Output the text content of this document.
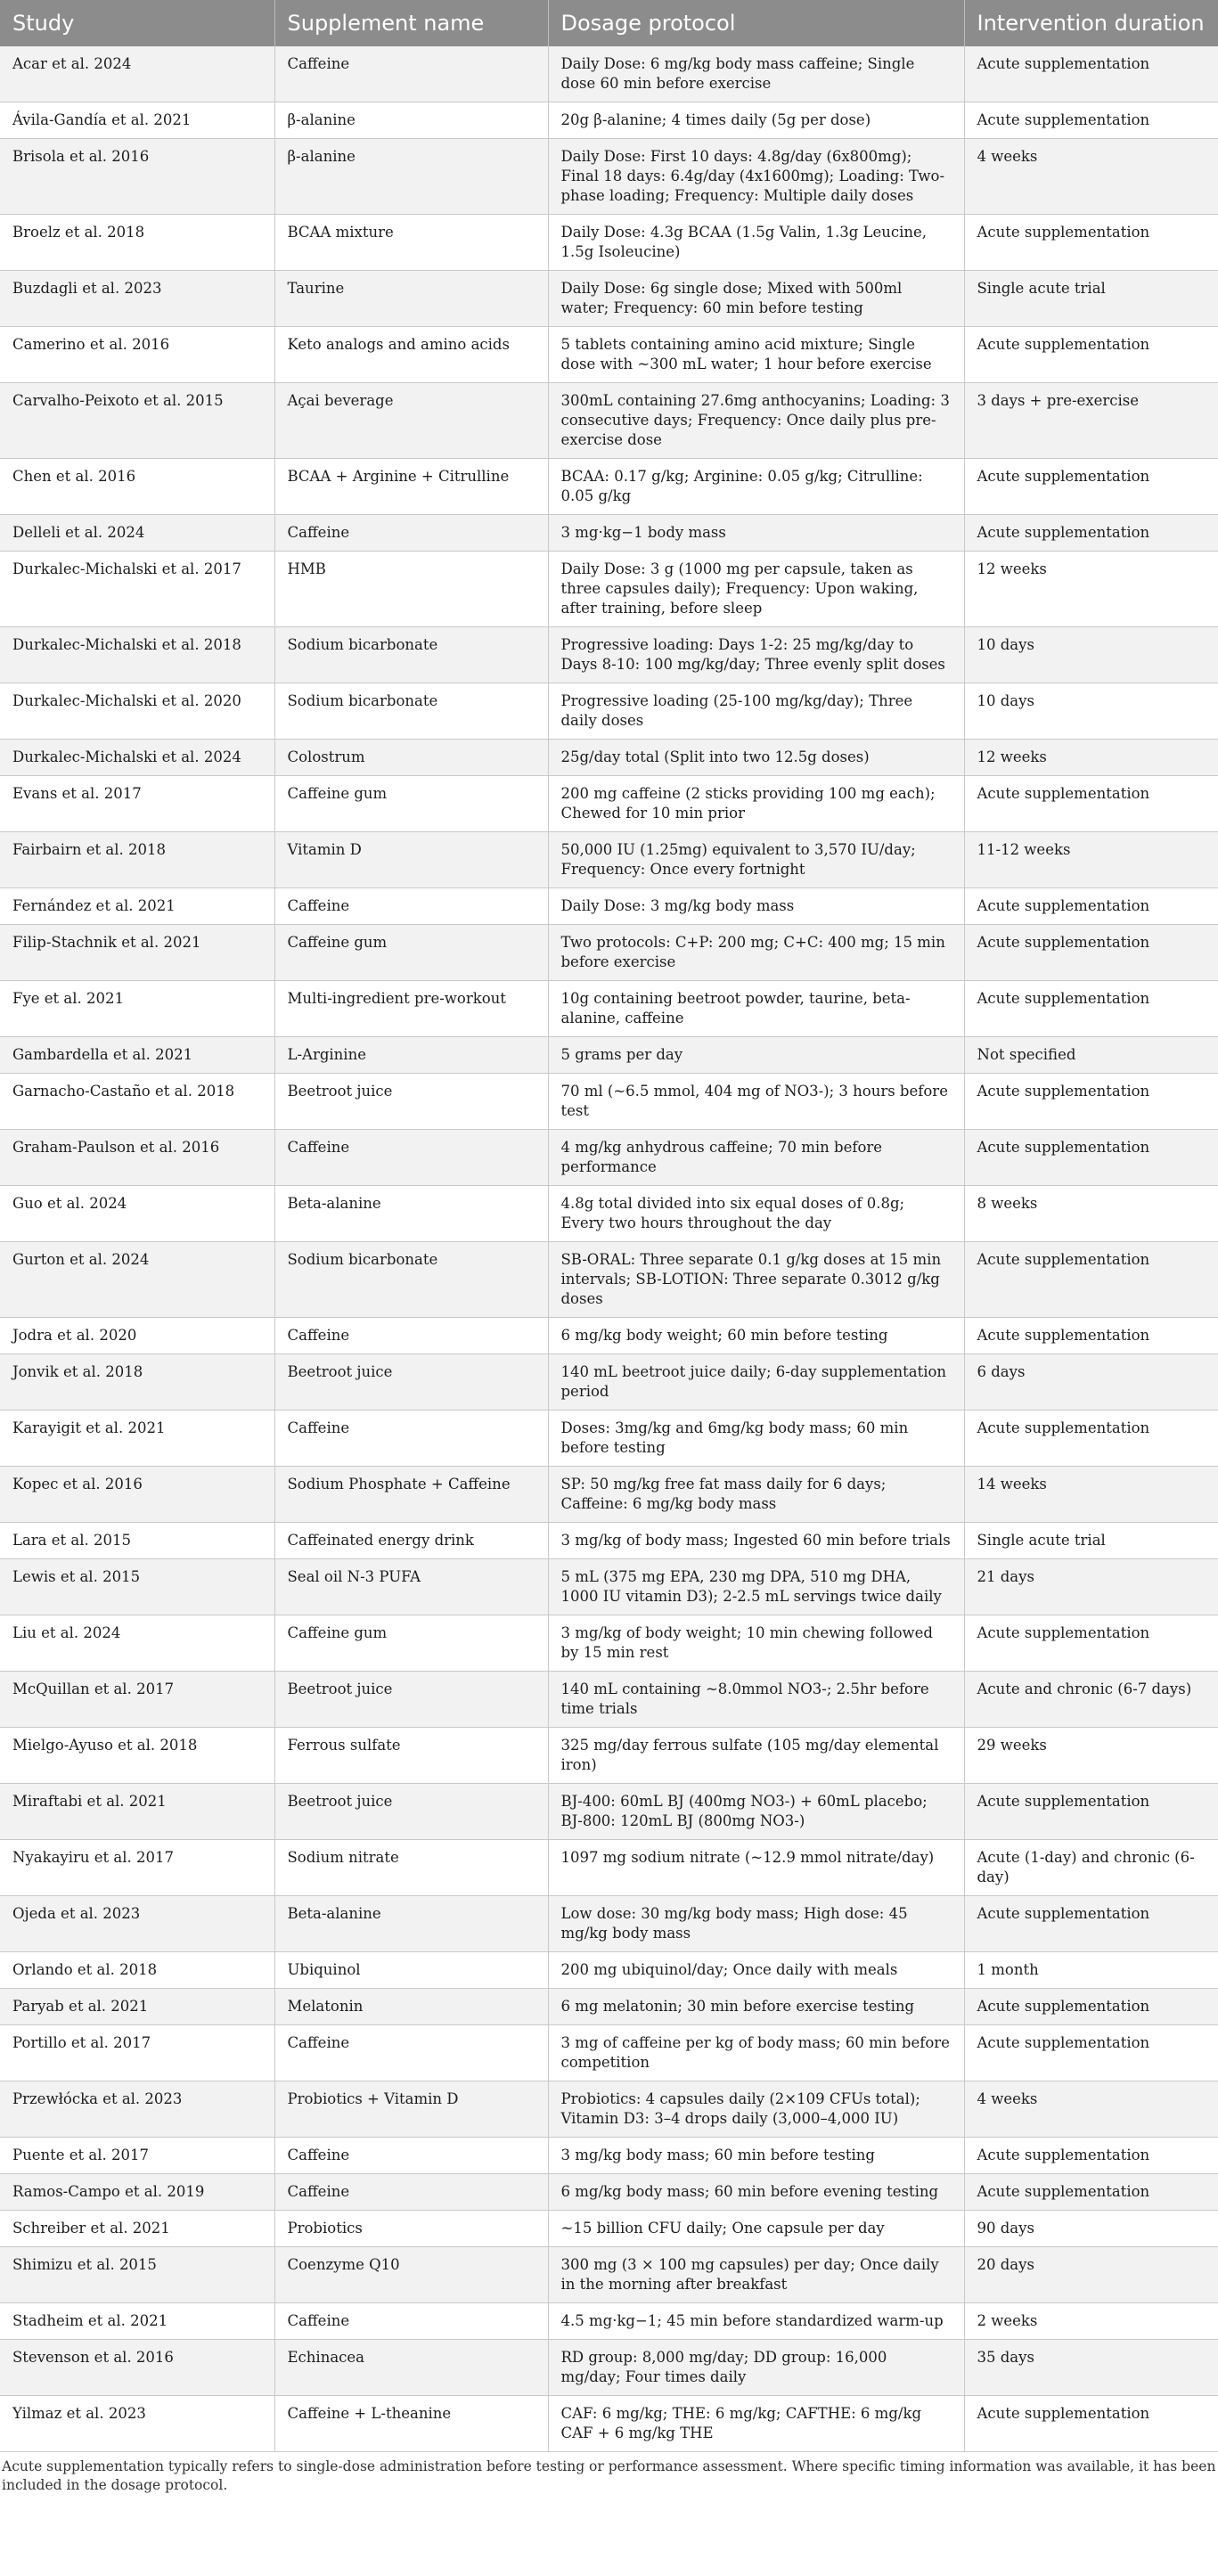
Study	Supplement name	Dosage protocol	Intervention duration
Acar et al. 2024	Caffeine	Daily Dose: 6 mg/kg body mass caffeine; Single dose 60 min before exercise	Acute supplementation
Ávila-Gandía et al. 2021	β-alanine	20g β-alanine; 4 times daily (5g per dose)	Acute supplementation
Brisola et al. 2016	β-alanine	Daily Dose: First 10 days: 4.8g/day (6x800mg); Final 18 days: 6.4g/day (4x1600mg); Loading: Two-phase loading; Frequency: Multiple daily doses	4 weeks
Broelz et al. 2018	BCAA mixture	Daily Dose: 4.3g BCAA (1.5g Valin, 1.3g Leucine, 1.5g Isoleucine)	Acute supplementation
Buzdagli et al. 2023	Taurine	Daily Dose: 6g single dose; Mixed with 500ml water; Frequency: 60 min before testing	Single acute trial
Camerino et al. 2016	Keto analogs and amino acids	5 tablets containing amino acid mixture; Single dose with ~300 mL water; 1 hour before exercise	Acute supplementation
Carvalho-Peixoto et al. 2015	Açai beverage	300mL containing 27.6mg anthocyanins; Loading: 3 consecutive days; Frequency: Once daily plus pre-exercise dose	3 days + pre-exercise
Chen et al. 2016	BCAA + Arginine + Citrulline	BCAA: 0.17 g/kg; Arginine: 0.05 g/kg; Citrulline: 0.05 g/kg	Acute supplementation
Delleli et al. 2024	Caffeine	3 mg·kg−1 body mass	Acute supplementation
Durkalec-Michalski et al. 2017	HMB	Daily Dose: 3 g (1000 mg per capsule, taken as three capsules daily); Frequency: Upon waking, after training, before sleep	12 weeks
Durkalec-Michalski et al. 2018	Sodium bicarbonate	Progressive loading: Days 1-2: 25 mg/kg/day to Days 8-10: 100 mg/kg/day; Three evenly split doses	10 days
Durkalec-Michalski et al. 2020	Sodium bicarbonate	Progressive loading (25-100 mg/kg/day); Three daily doses	10 days
Durkalec-Michalski et al. 2024	Colostrum	25g/day total (Split into two 12.5g doses)	12 weeks
Evans et al. 2017	Caffeine gum	200 mg caffeine (2 sticks providing 100 mg each); Chewed for 10 min prior	Acute supplementation
Fairbairn et al. 2018	Vitamin D	50,000 IU (1.25mg) equivalent to 3,570 IU/day; Frequency: Once every fortnight	11-12 weeks
Fernández et al. 2021	Caffeine	Daily Dose: 3 mg/kg body mass	Acute supplementation
Filip-Stachnik et al. 2021	Caffeine gum	Two protocols: C+P: 200 mg; C+C: 400 mg; 15 min before exercise	Acute supplementation
Fye et al. 2021	Multi-ingredient pre-workout	10g containing beetroot powder, taurine, beta-alanine, caffeine	Acute supplementation
Gambardella et al. 2021	L-Arginine	5 grams per day	Not specified
Garnacho-Castaño et al. 2018	Beetroot juice	70 ml (~6.5 mmol, 404 mg of NO3-); 3 hours before test	Acute supplementation
Graham-Paulson et al. 2016	Caffeine	4 mg/kg anhydrous caffeine; 70 min before performance	Acute supplementation
Guo et al. 2024	Beta-alanine	4.8g total divided into six equal doses of 0.8g; Every two hours throughout the day	8 weeks
Gurton et al. 2024	Sodium bicarbonate	SB-ORAL: Three separate 0.1 g/kg doses at 15 min intervals; SB-LOTION: Three separate 0.3012 g/kg doses	Acute supplementation
Jodra et al. 2020	Caffeine	6 mg/kg body weight; 60 min before testing	Acute supplementation
Jonvik et al. 2018	Beetroot juice	140 mL beetroot juice daily; 6-day supplementation period	6 days
Karayigit et al. 2021	Caffeine	Doses: 3mg/kg and 6mg/kg body mass; 60 min before testing	Acute supplementation
Kopec et al. 2016	Sodium Phosphate + Caffeine	SP: 50 mg/kg free fat mass daily for 6 days; Caffeine: 6 mg/kg body mass	14 weeks
Lara et al. 2015	Caffeinated energy drink	3 mg/kg of body mass; Ingested 60 min before trials	Single acute trial
Lewis et al. 2015	Seal oil N-3 PUFA	5 mL (375 mg EPA, 230 mg DPA, 510 mg DHA, 1000 IU vitamin D3); 2-2.5 mL servings twice daily	21 days
Liu et al. 2024	Caffeine gum	3 mg/kg of body weight; 10 min chewing followed by 15 min rest	Acute supplementation
McQuillan et al. 2017	Beetroot juice	140 mL containing ~8.0mmol NO3-; 2.5hr before time trials	Acute and chronic (6-7 days)
Mielgo-Ayuso et al. 2018	Ferrous sulfate	325 mg/day ferrous sulfate (105 mg/day elemental iron)	29 weeks
Miraftabi et al. 2021	Beetroot juice	BJ-400: 60mL BJ (400mg NO3-) + 60mL placebo; BJ-800: 120mL BJ (800mg NO3-)	Acute supplementation
Nyakayiru et al. 2017	Sodium nitrate	1097 mg sodium nitrate (~12.9 mmol nitrate/day)	Acute (1-day) and chronic (6-day)
Ojeda et al. 2023	Beta-alanine	Low dose: 30 mg/kg body mass; High dose: 45 mg/kg body mass	Acute supplementation
Orlando et al. 2018	Ubiquinol	200 mg ubiquinol/day; Once daily with meals	1 month
Paryab et al. 2021	Melatonin	6 mg melatonin; 30 min before exercise testing	Acute supplementation
Portillo et al. 2017	Caffeine	3 mg of caffeine per kg of body mass; 60 min before competition	Acute supplementation
Przewłócka et al. 2023	Probiotics + Vitamin D	Probiotics: 4 capsules daily (2×109 CFUs total); Vitamin D3: 3–4 drops daily (3,000–4,000 IU)	4 weeks
Puente et al. 2017	Caffeine	3 mg/kg body mass; 60 min before testing	Acute supplementation
Ramos-Campo et al. 2019	Caffeine	6 mg/kg body mass; 60 min before evening testing	Acute supplementation
Schreiber et al. 2021	Probiotics	~15 billion CFU daily; One capsule per day	90 days
Shimizu et al. 2015	Coenzyme Q10	300 mg (3 × 100 mg capsules) per day; Once daily in the morning after breakfast	20 days
Stadheim et al. 2021	Caffeine	4.5 mg·kg−1; 45 min before standardized warm-up	2 weeks
Stevenson et al. 2016	Echinacea	RD group: 8,000 mg/day; DD group: 16,000 mg/day; Four times daily	35 days
Yilmaz et al. 2023	Caffeine + L-theanine	CAF: 6 mg/kg; THE: 6 mg/kg; CAFTHE: 6 mg/kg CAF + 6 mg/kg THE	Acute supplementation
Acute supplementation typically refers to single-dose administration before testing or performance assessment. Where specific timing information was available, it has been included in the dosage protocol.
